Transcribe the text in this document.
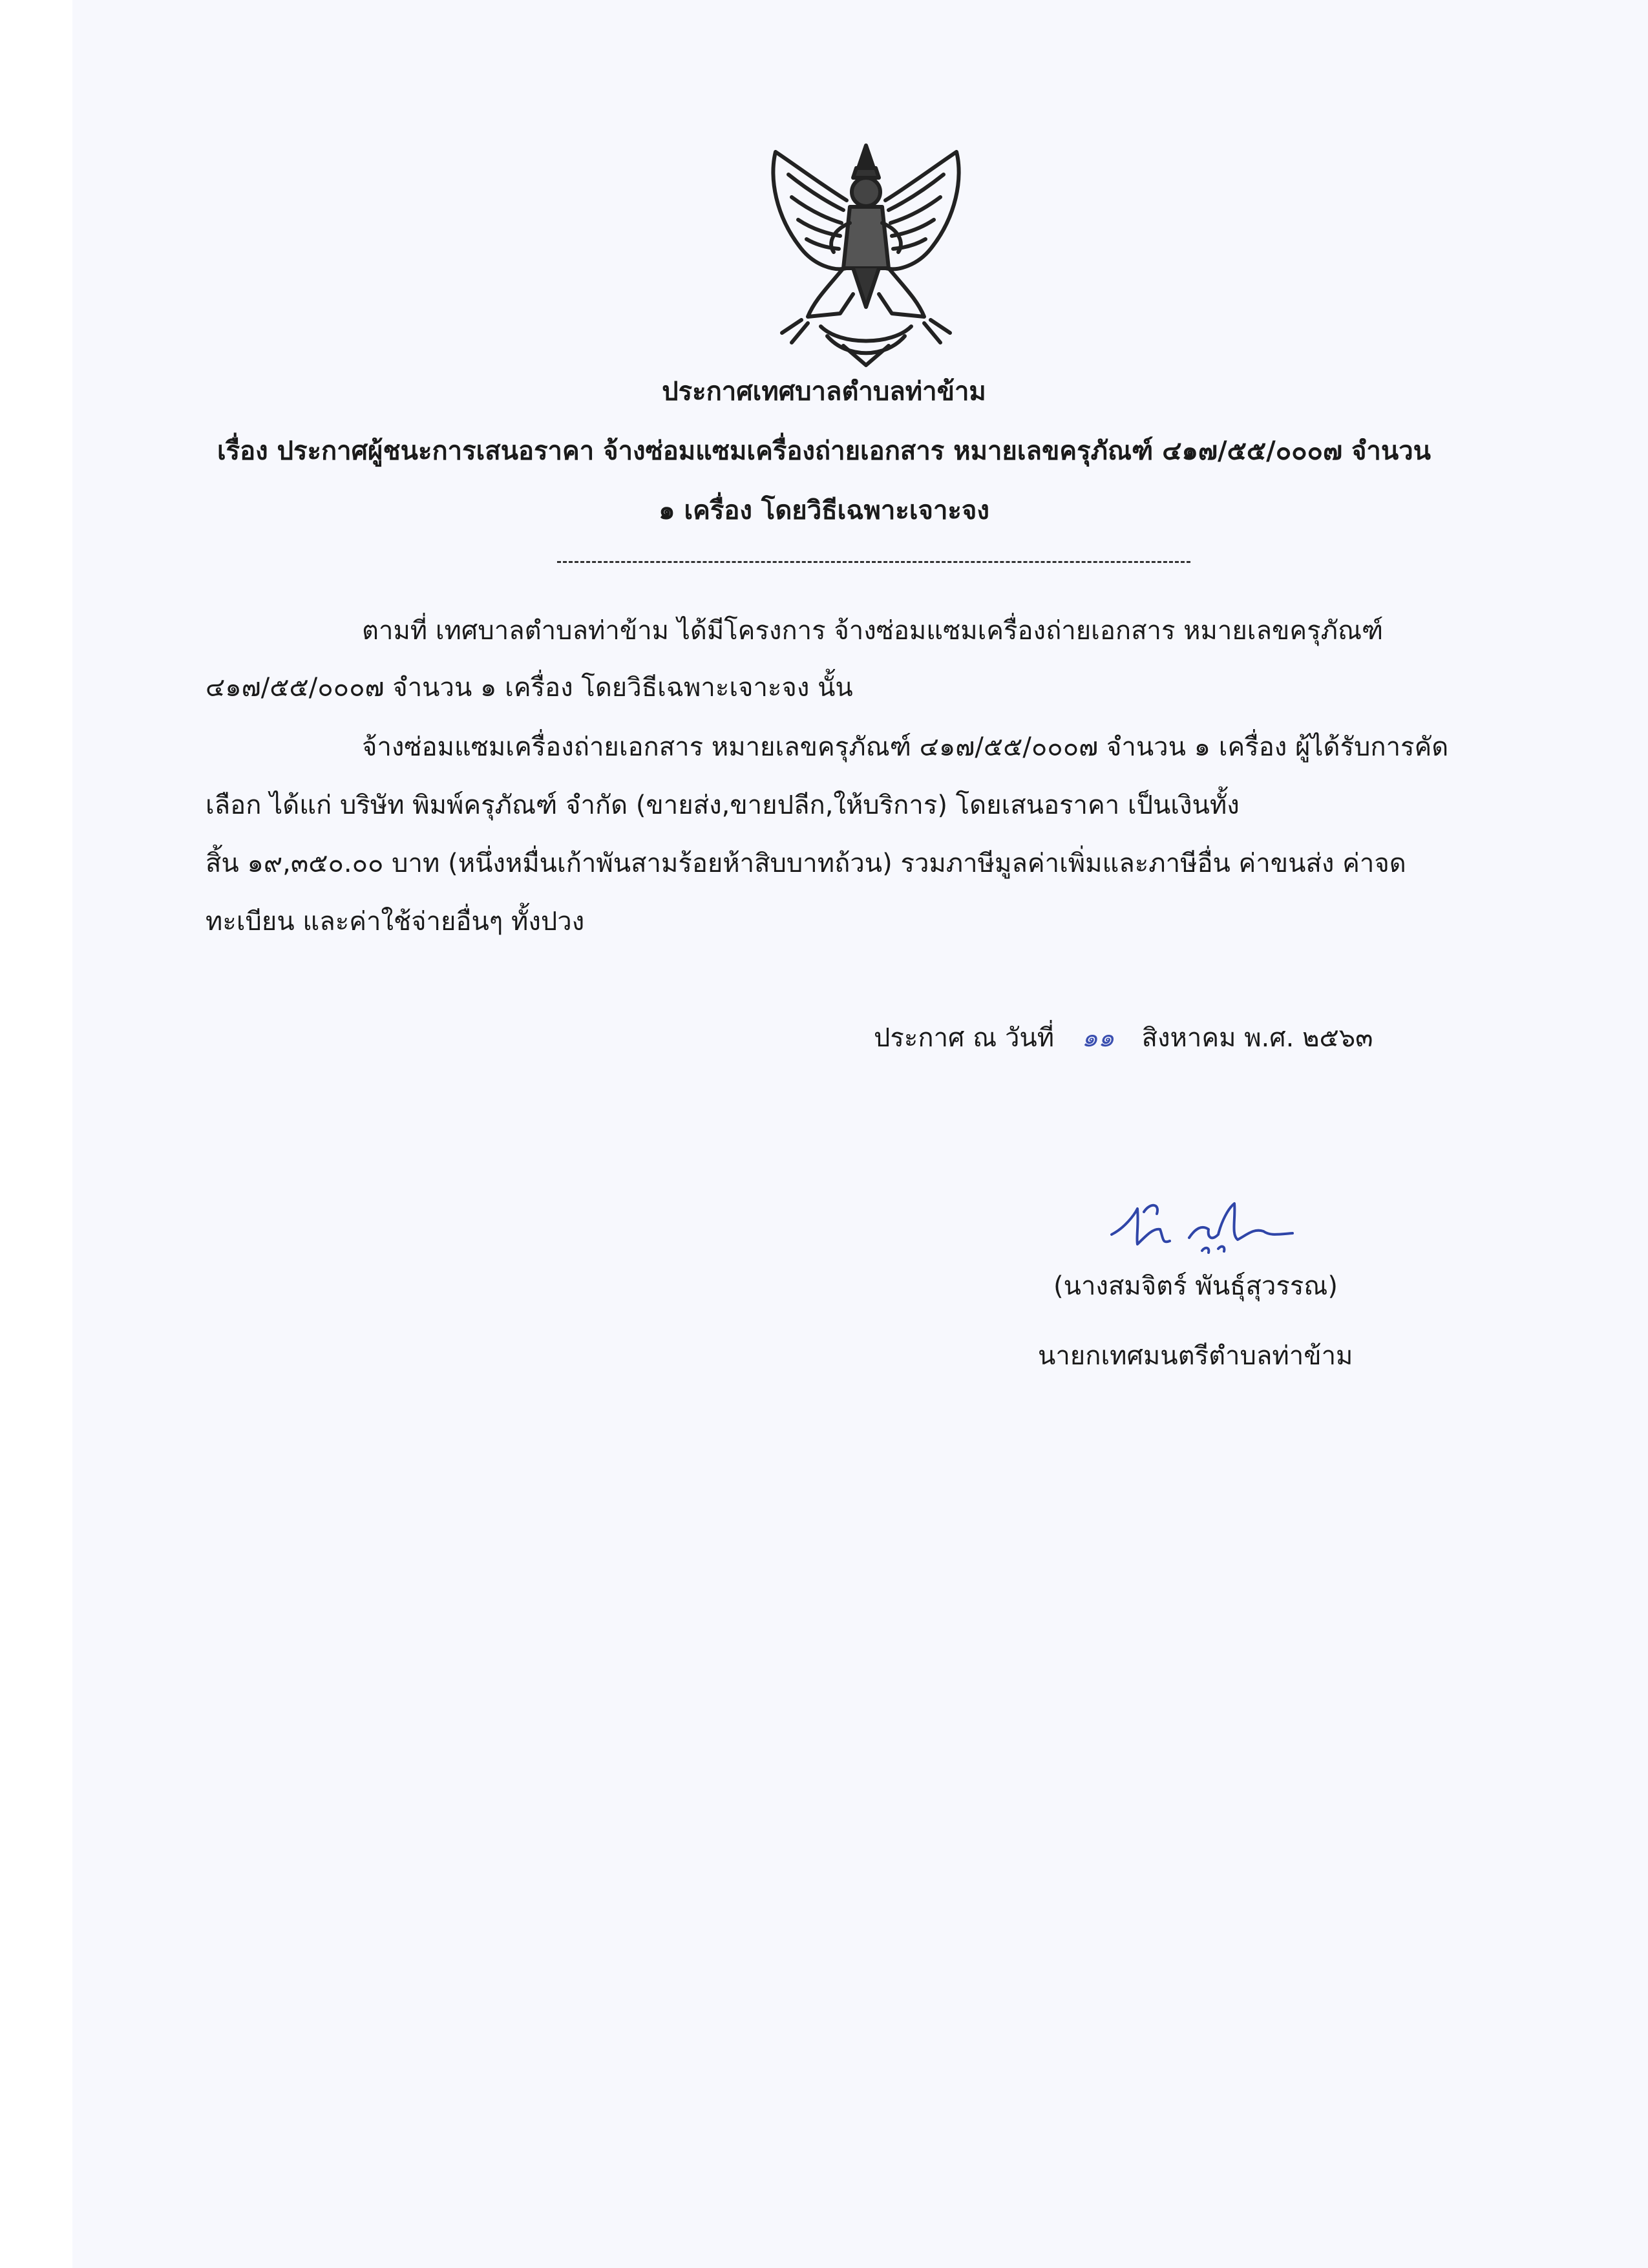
ประกาศเทศบาลตำบลท่าข้าม
เรื่อง ประกาศผู้ชนะการเสนอราคา จ้างซ่อมแซมเครื่องถ่ายเอกสาร หมายเลขครุภัณฑ์ ๔๑๗/๕๕/๐๐๐๗ จำนวน
๑ เครื่อง โดยวิธีเฉพาะเจาะจง
ตามที่ เทศบาลตำบลท่าข้าม ได้มีโครงการ จ้างซ่อมแซมเครื่องถ่ายเอกสาร หมายเลขครุภัณฑ์
๔๑๗/๕๕/๐๐๐๗ จำนวน ๑ เครื่อง โดยวิธีเฉพาะเจาะจง นั้น
จ้างซ่อมแซมเครื่องถ่ายเอกสาร หมายเลขครุภัณฑ์ ๔๑๗/๕๕/๐๐๐๗ จำนวน ๑ เครื่อง ผู้ได้รับการคัด
เลือก ได้แก่ บริษัท พิมพ์ครุภัณฑ์ จำกัด (ขายส่ง,ขายปลีก,ให้บริการ) โดยเสนอราคา เป็นเงินทั้ง
สิ้น ๑๙,๓๕๐.๐๐ บาท (หนึ่งหมื่นเก้าพันสามร้อยห้าสิบบาทถ้วน) รวมภาษีมูลค่าเพิ่มและภาษีอื่น ค่าขนส่ง ค่าจด
ทะเบียน และค่าใช้จ่ายอื่นๆ ทั้งปวง
ประกาศ ณ วันที่ ๑๑ สิงหาคม พ.ศ. ๒๕๖๓
(นางสมจิตร์ พันธุ์สุวรรณ)
นายกเทศมนตรีตำบลท่าข้าม
